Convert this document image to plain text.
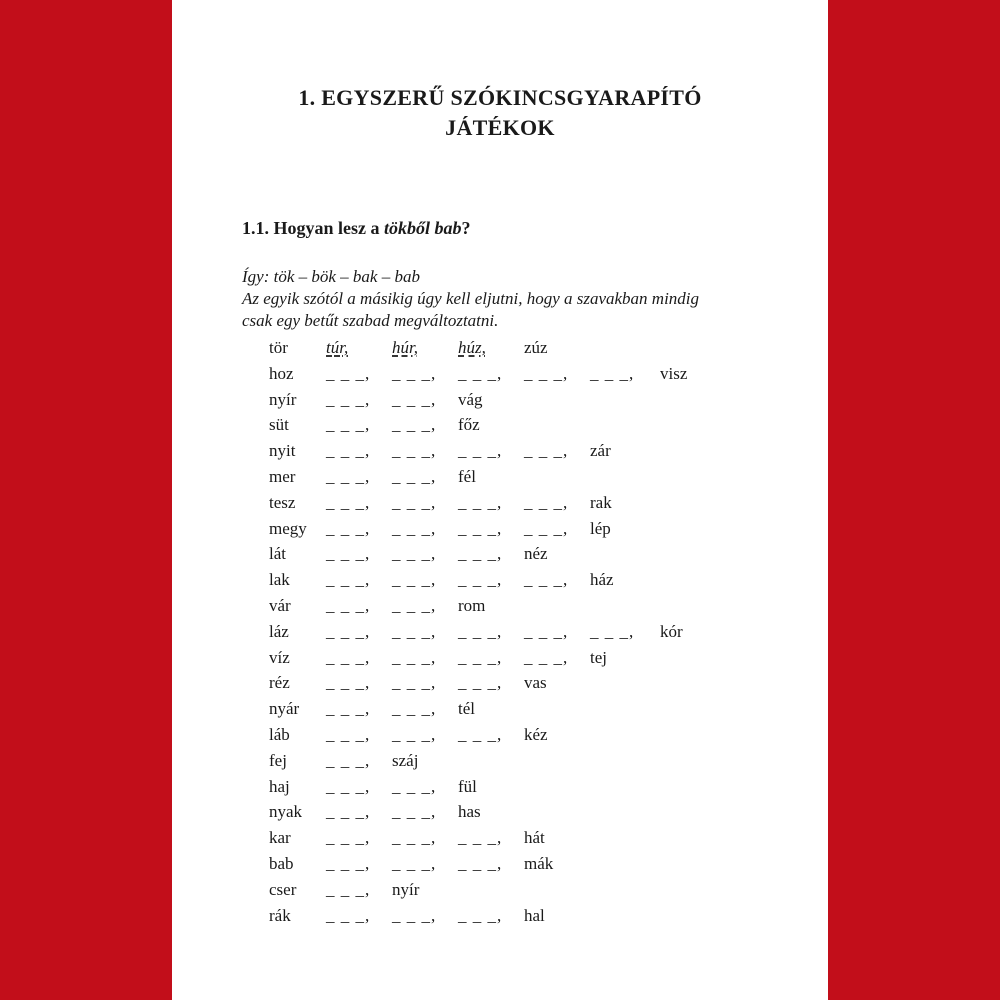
1. EGYSZERŰ SZÓKINCSGYARAPÍTÓ
JÁTÉKOK
1.1. Hogyan lesz a tökből bab?
Így: tök – bök – bak – bab
Az egyik szótól a másikig úgy kell eljutni, hogy a szavakban mindig
csak egy betűt szabad megváltoztatni.
tör túr,	húr, húz, zúz
hoz _ _ _, _ _ _, _ _ _, _ _ _, _ _ _, visz
nyír _ _ _, _ _ _, vág
süt _ _ _, _ _ _, főz
nyit _ _ _, _ _ _, _ _ _, _ _ _, zár
mer _ _ _, _ _ _, fél
tesz _ _ _, _ _ _, _ _ _, _ _ _, rak
megy _ _ _, _ _ _, _ _ _, _ _ _, lép
lát _ _ _, _ _ _, _ _ _, néz
lak _ _ _, _ _ _, _ _ _, _ _ _, ház
vár _ _ _, _ _ _, rom
láz _ _ _, _ _ _, _ _ _, _ _ _, _ _ _, kór
víz _ _ _, _ _ _, _ _ _, _ _ _, tej
réz _ _ _, _ _ _, _ _ _, vas
nyár _ _ _, _ _ _, tél
láb _ _ _, _ _ _, _ _ _, kéz
fej _ _ _, száj
haj _ _ _, _ _ _, fül
nyak _ _ _, _ _ _, has
kar _ _ _, _ _ _, _ _ _, hát
bab _ _ _, _ _ _, _ _ _, mák
cser _ _ _, nyír
rák _ _ _, _ _ _, _ _ _, hal
